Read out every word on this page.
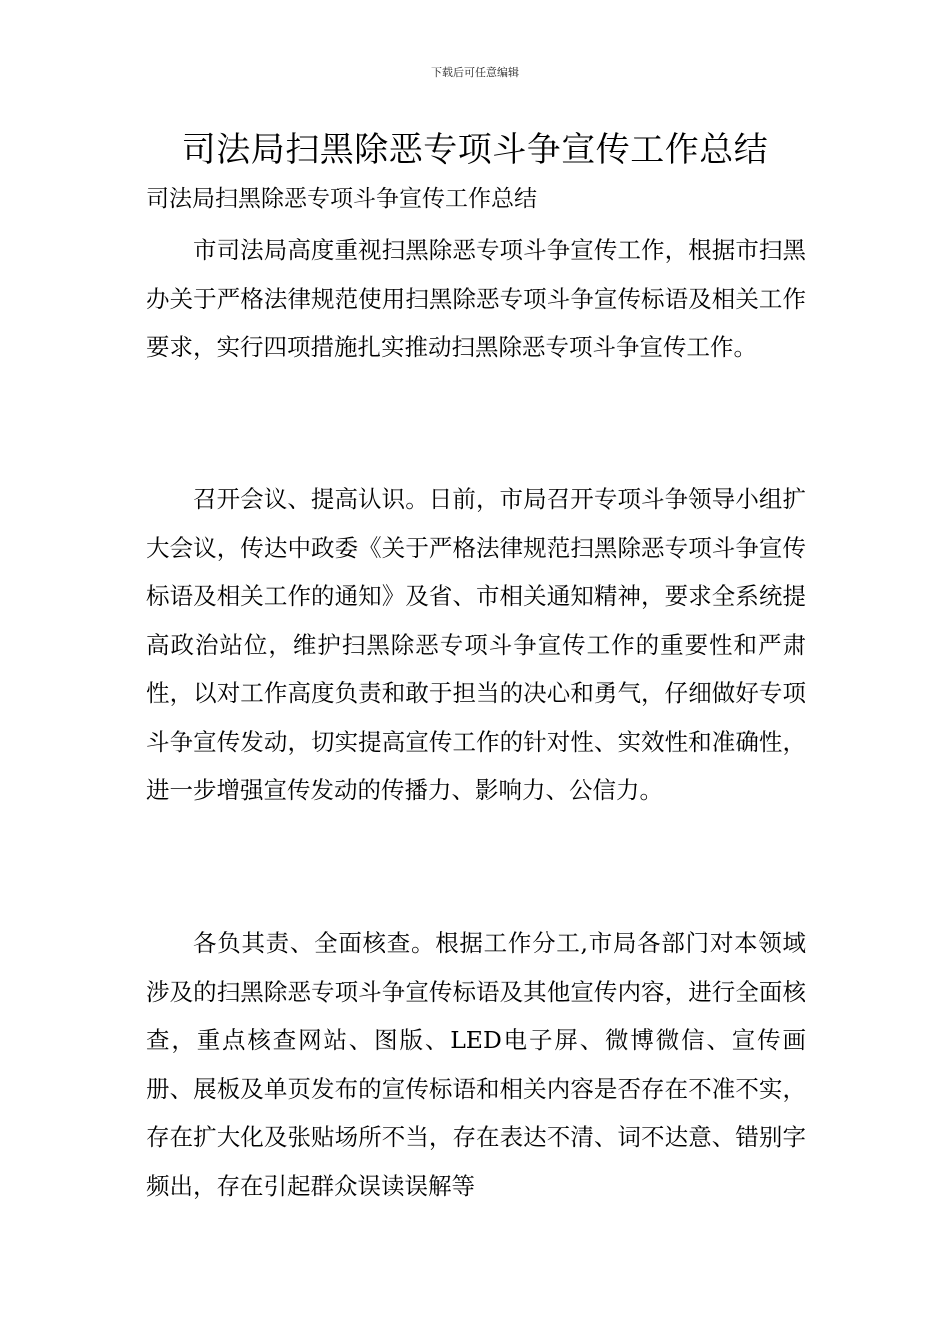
下载后可任意编辑
司法局扫黑除恶专项斗争宣传工作总结

司法局扫黑除恶专项斗争宣传工作总结

市司法局高度重视扫黑除恶专项斗争宣传工作，根据市扫黑办关于严格法律规范使用扫黑除恶专项斗争宣传标语及相关工作要求，实行四项措施扎实推动扫黑除恶专项斗争宣传工作。

召开会议、提高认识。日前，市局召开专项斗争领导小组扩大会议，传达中政委《关于严格法律规范扫黑除恶专项斗争宣传标语及相关工作的通知》及省、市相关通知精神，要求全系统提高政治站位，维护扫黑除恶专项斗争宣传工作的重要性和严肃性，以对工作高度负责和敢于担当的决心和勇气，仔细做好专项斗争宣传发动，切实提高宣传工作的针对性、实效性和准确性，进一步增强宣传发动的传播力、影响力、公信力。

各负其责、全面核查。根据工作分工,市局各部门对本领域涉及的扫黑除恶专项斗争宣传标语及其他宣传内容，进行全面核查，重点核查网站、图版、LED电子屏、微博微信、宣传画册、展板及单页发布的宣传标语和相关内容是否存在不准不实，存在扩大化及张贴场所不当，存在表达不清、词不达意、错别字频出，存在引起群众误读误解等
